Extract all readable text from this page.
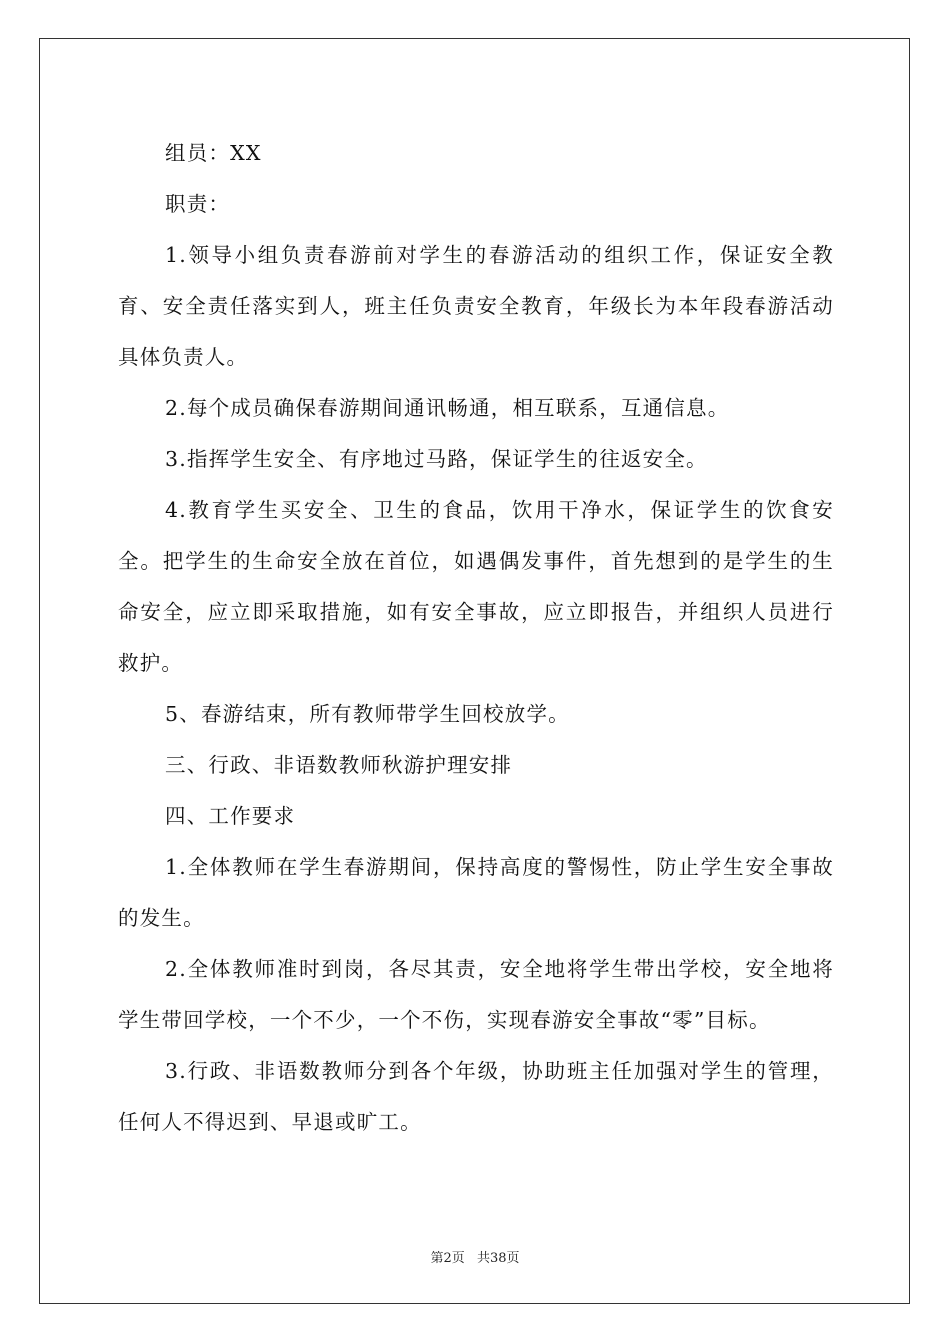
组员：XX

职责：

1.领导小组负责春游前对学生的春游活动的组织工作，保证安全教育、安全责任落实到人，班主任负责安全教育，年级长为本年段春游活动具体负责人。

2.每个成员确保春游期间通讯畅通，相互联系，互通信息。

3.指挥学生安全、有序地过马路，保证学生的往返安全。

4.教育学生买安全、卫生的食品，饮用干净水，保证学生的饮食安全。把学生的生命安全放在首位，如遇偶发事件，首先想到的是学生的生命安全，应立即采取措施，如有安全事故，应立即报告，并组织人员进行救护。

5、春游结束，所有教师带学生回校放学。

三、行政、非语数教师秋游护理安排

四、工作要求

1.全体教师在学生春游期间，保持高度的警惕性，防止学生安全事故的发生。

2.全体教师准时到岗，各尽其责，安全地将学生带出学校，安全地将学生带回学校，一个不少，一个不伤，实现春游安全事故“零”目标。

3.行政、非语数教师分到各个年级，协助班主任加强对学生的管理，任何人不得迟到、早退或旷工。

第2页 共38页
